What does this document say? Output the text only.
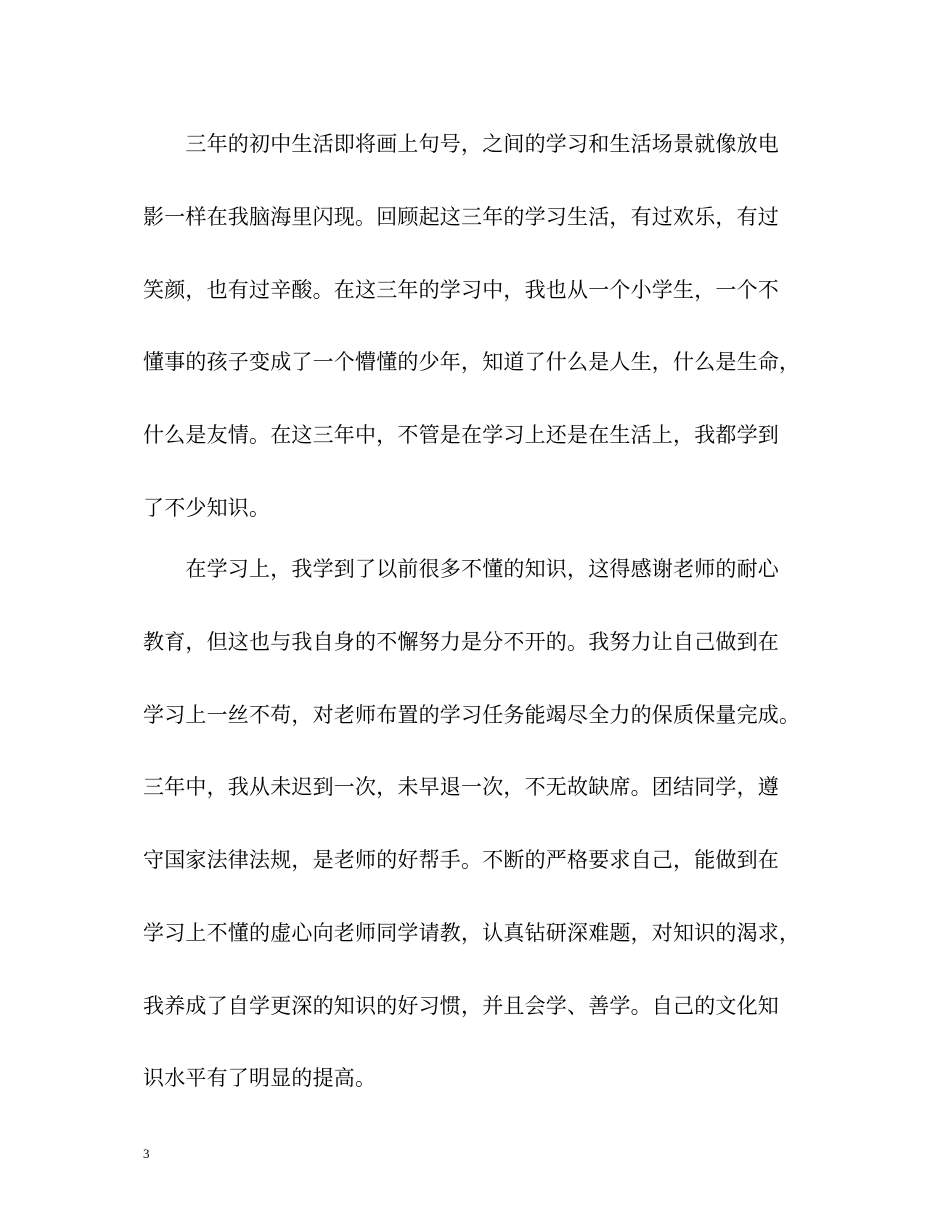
　　三年的初中生活即将画上句号，之间的学习和生活场景就像放电
影一样在我脑海里闪现。回顾起这三年的学习生活，有过欢乐，有过
笑颜，也有过辛酸。在这三年的学习中，我也从一个小学生，一个不
懂事的孩子变成了一个懵懂的少年，知道了什么是人生，什么是生命，
什么是友情。在这三年中，不管是在学习上还是在生活上，我都学到
了不少知识。
　　在学习上，我学到了以前很多不懂的知识，这得感谢老师的耐心
教育，但这也与我自身的不懈努力是分不开的。我努力让自己做到在
学习上一丝不苟，对老师布置的学习任务能竭尽全力的保质保量完成。
三年中，我从未迟到一次，未早退一次，不无故缺席。团结同学，遵
守国家法律法规，是老师的好帮手。不断的严格要求自己，能做到在
学习上不懂的虚心向老师同学请教，认真钻研深难题，对知识的渴求，
我养成了自学更深的知识的好习惯，并且会学、善学。自己的文化知
识水平有了明显的提高。
3
